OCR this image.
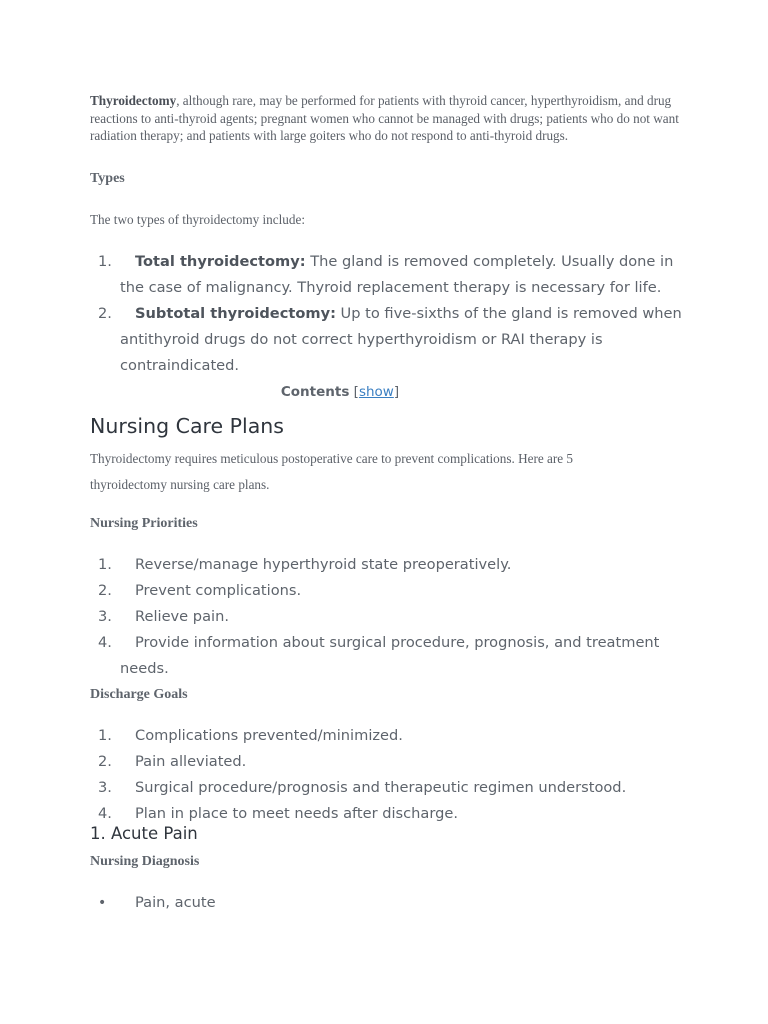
Thyroidectomy, although rare, may be performed for patients with thyroid cancer, hyperthyroidism, and drug reactions to anti-thyroid agents; pregnant women who cannot be managed with drugs; patients who do not want radiation therapy; and patients with large goiters who do not respond to anti-thyroid drugs.

Types

The two types of thyroidectomy include:

1. Total thyroidectomy: The gland is removed completely. Usually done in the case of malignancy. Thyroid replacement therapy is necessary for life.
2. Subtotal thyroidectomy: Up to five-sixths of the gland is removed when antithyroid drugs do not correct hyperthyroidism or RAI therapy is contraindicated.
Contents [show]
Nursing Care Plans

Thyroidectomy requires meticulous postoperative care to prevent complications. Here are 5 thyroidectomy nursing care plans.

Nursing Priorities
1. Reverse/manage hyperthyroid state preoperatively.
2. Prevent complications.
3. Relieve pain.
4. Provide information about surgical procedure, prognosis, and treatment needs.
Discharge Goals
1. Complications prevented/minimized.
2. Pain alleviated.
3. Surgical procedure/prognosis and therapeutic regimen understood.
4. Plan in place to meet needs after discharge.
1. Acute Pain
Nursing Diagnosis
• Pain, acute
